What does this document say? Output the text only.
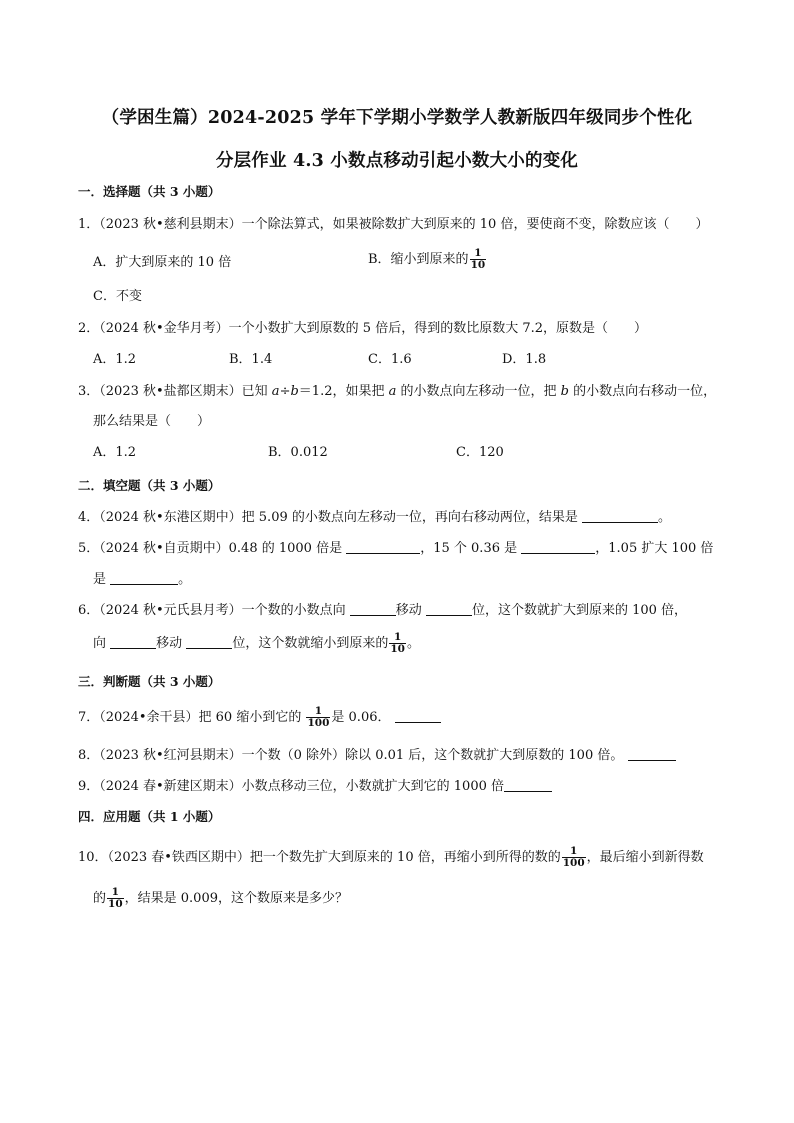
（学困生篇）2024-2025 学年下学期小学数学人教新版四年级同步个性化
分层作业 4.3 小数点移动引起小数大小的变化
一．选择题（共 3 小题）
1．（2023 秋•慈利县期末）一个除法算式，如果被除数扩大到原来的 10 倍，要使商不变，除数应该（　　）
A．扩大到原来的 10 倍	B．缩小到原来的 $\frac{1}{10}$
C．不变
2．（2024 秋•金华月考）一个小数扩大到原数的 5 倍后，得到的数比原数大 7.2，原数是（　　）
A．1.2	B．1.4	C．1.6	D．1.8
3．（2023 秋•盐都区期末）已知 a÷b＝1.2，如果把 a 的小数点向左移动一位，把 b 的小数点向右移动一位，
那么结果是（　　）
A．1.2	B．0.012	C．120
二．填空题（共 3 小题）
4．（2024 秋•东港区期中）把 5.09 的小数点向左移动一位，再向右移动两位，结果是	。
5．（2024 秋•自贡期中）0.48 的 1000 倍是	，15 个 0.36 是	，1.05 扩大 100 倍
是	。
6．（2024 秋•元氏县月考）一个数的小数点向	移动	位，这个数就扩大到原来的 100 倍，
向	移动	位，这个数就缩小到原来的 $\frac{1}{10}$ 。
三．判断题（共 3 小题）
7．（2024•余干县）把 60 缩小到它的 $\frac{1}{100}$ 是 0.06．
8．（2023 秋•红河县期末）一个数（0 除外）除以 0.01 后，这个数就扩大到原数的 100 倍。
9．（2024 春•新建区期末）小数点移动三位，小数就扩大到它的 1000 倍
四．应用题（共 1 小题）
10．（2023 春•铁西区期中）把一个数先扩大到原来的 10 倍，再缩小到所得的数的 $\frac{1}{100}$ ，最后缩小到新得数
的 $\frac{1}{10}$ ，结果是 0.009，这个数原来是多少？
